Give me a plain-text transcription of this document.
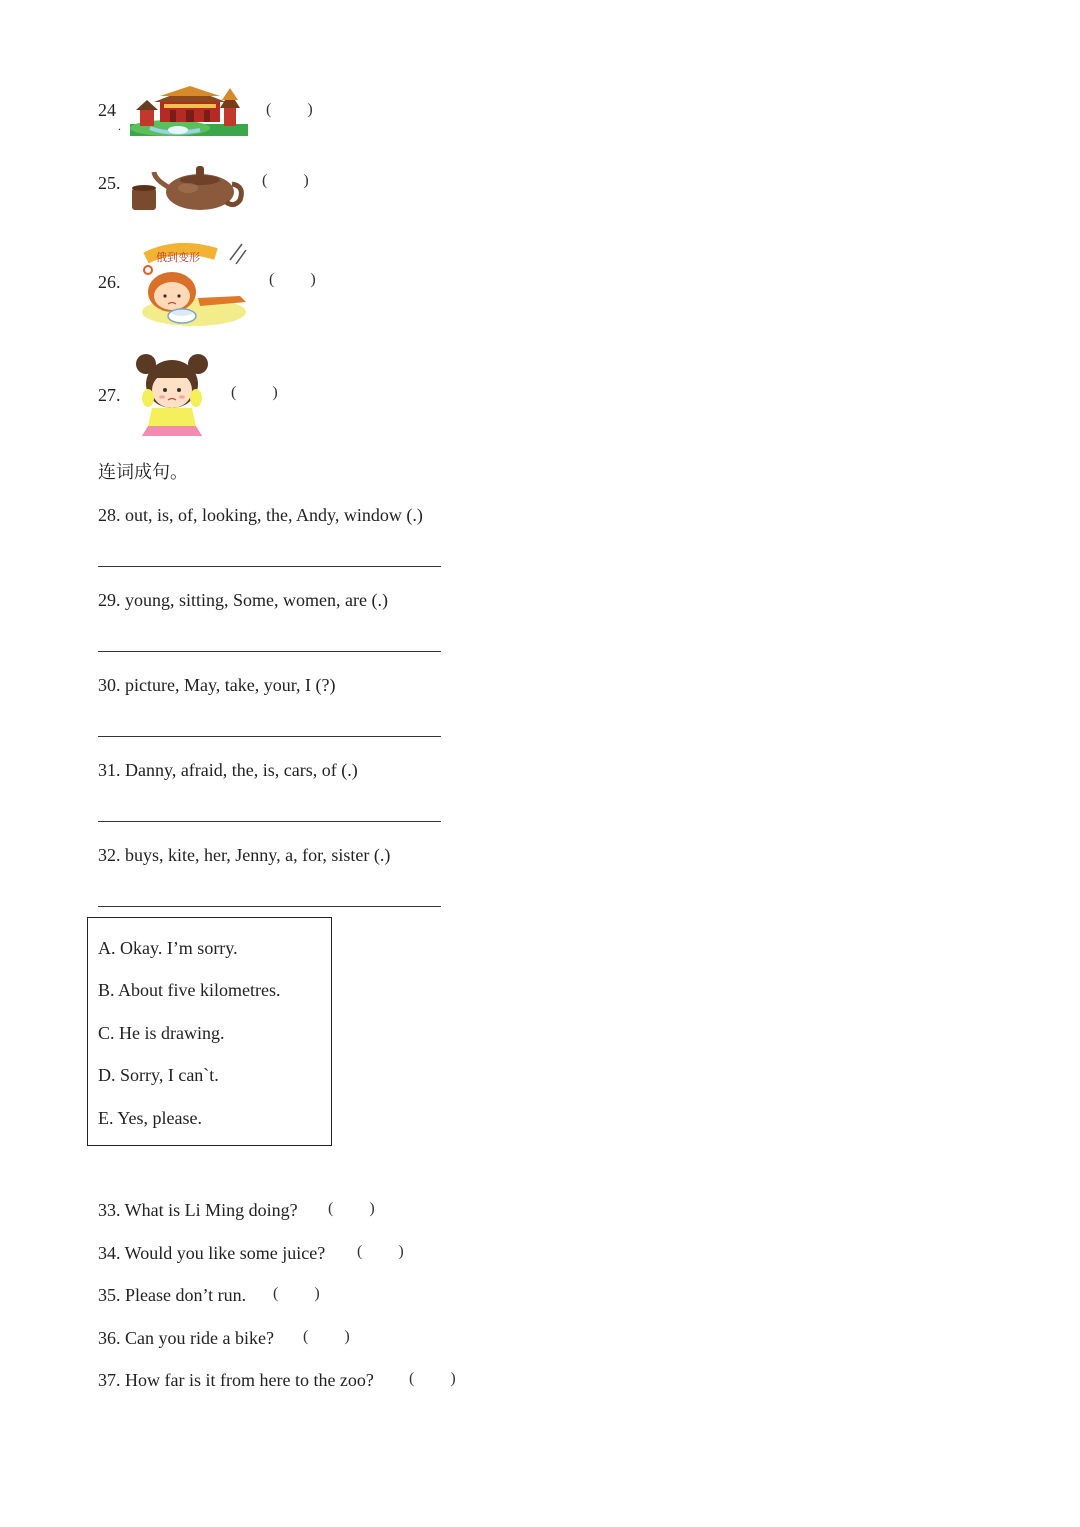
24
.
(         )
25.	(         )
26.
俄到变形
(         )
27.	(         )
连词成句。
28. out, is, of, looking, the, Andy, window (.)
29. young, sitting, Some, women, are (.)
30. picture, May, take, your, I (?)
31. Danny, afraid, the, is, cars, of (.)
32. buys, kite, her, Jenny, a, for, sister (.)
A. Okay. I’m sorry.
B. About five kilometres.
C. He is drawing.
D. Sorry, I can`t.
E. Yes, please.
33. What is Li Ming doing? (         )
34. Would you like some juice? (         )
35. Please don’t run. (         )
36. Can you ride a bike? (         )
37. How far is it from here to the zoo? (         )
